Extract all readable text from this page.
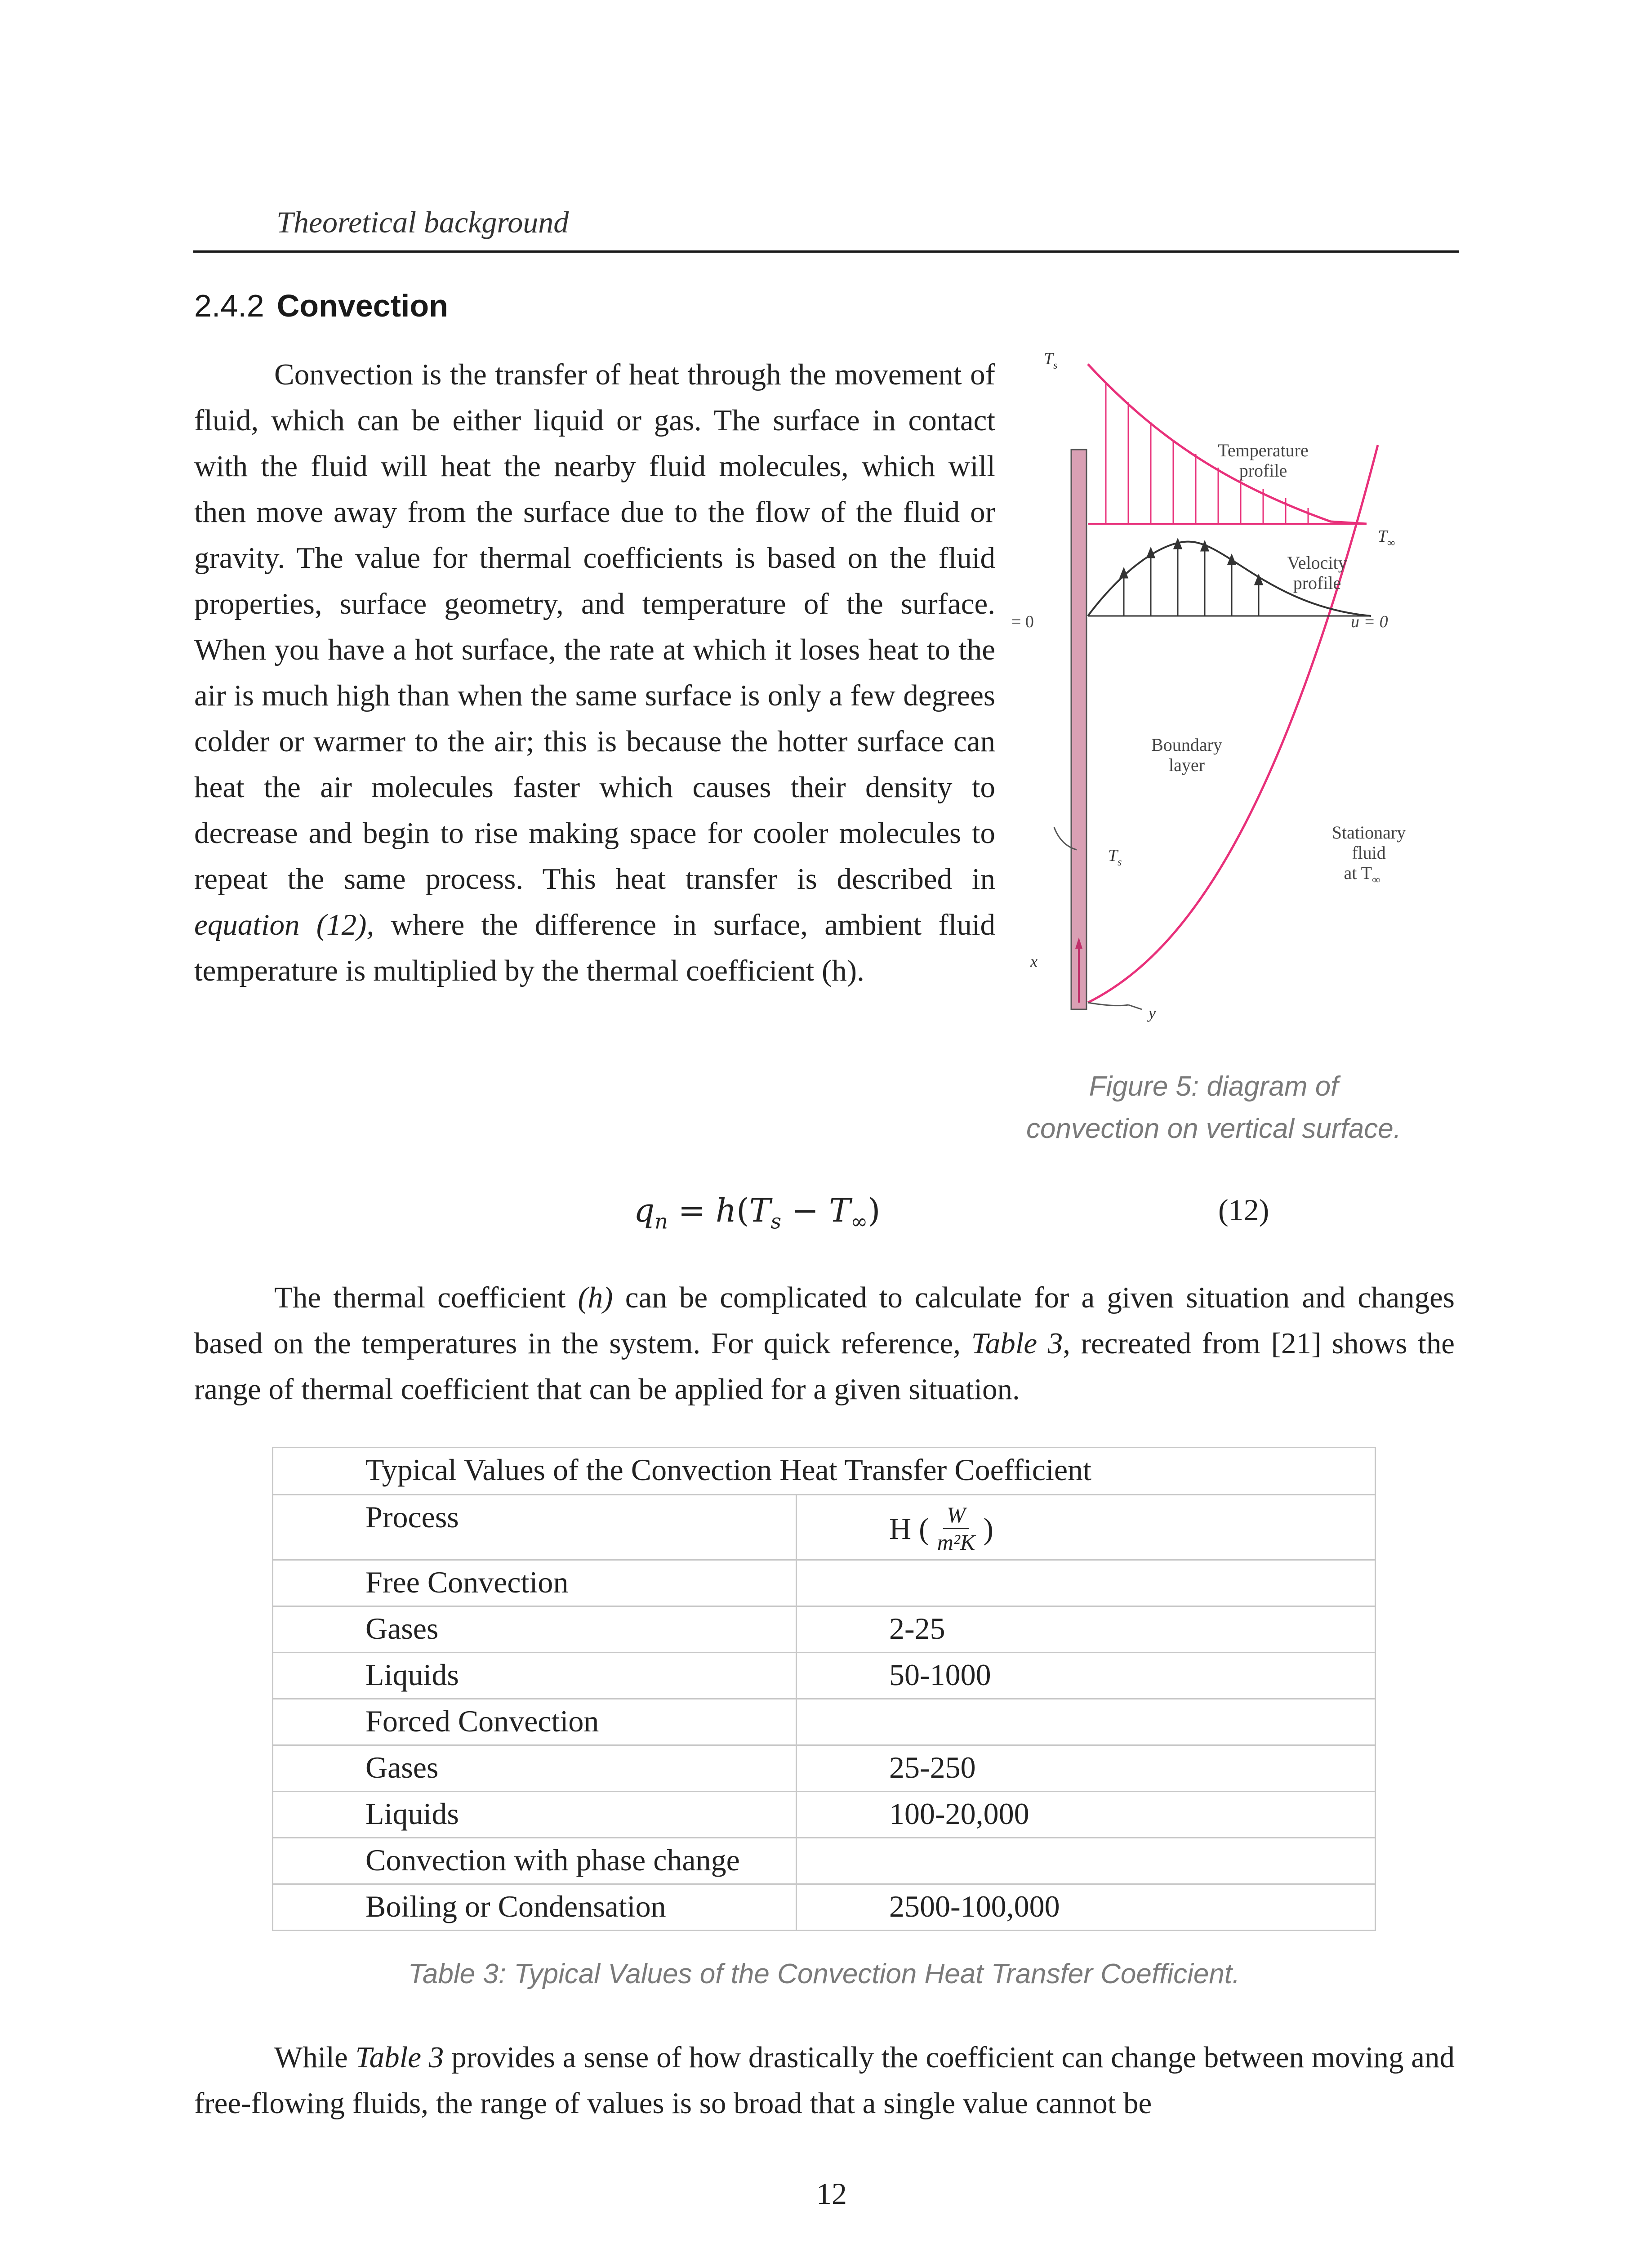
Theoretical background
2.4.2 Convection
Convection is the transfer of heat through the movement of fluid, which can be either liquid or gas. The surface in contact with the fluid will heat the nearby fluid molecules, which will then move away from the surface due to the flow of the fluid or gravity. The value for thermal coefficients is based on the fluid properties, surface geometry, and temperature of the surface. When you have a hot surface, the rate at which it loses heat to the air is much high than when the same surface is only a few degrees colder or warmer to the air; this is because the hotter surface can heat the air molecules faster which causes their density to decrease and begin to rise making space for cooler molecules to repeat the same process. This heat transfer is described in equation (12), where the difference in surface, ambient fluid temperature is multiplied by the thermal coefficient (h).
$T_s$
Temperature
profile
$T_\infty$
Velocity
profile
= 0	u = 0
Boundary
layer
Stationary
fluid
at $T_\infty$
$T_s$
x
y
Figure 5: diagram of
convection on vertical surface.
$q_n = h(T_s - T_\infty)$	(12)
The thermal coefficient (h) can be complicated to calculate for a given situation and changes based on the temperatures in the system. For quick reference, Table 3, recreated from [21] shows the range of thermal coefficient that can be applied for a given situation.
Typical Values of the Convection Heat Transfer Coefficient	
Process	H ( $\frac{W}{\text{m²K}}$ )

Free Convection	
Gases	2-25
Liquids	50-1000
Forced Convection	
Gases	25-250
Liquids	100-20,000
Convection with phase change	
Boiling or Condensation	2500-100,000
Table 3: Typical Values of the Convection Heat Transfer Coefficient.
While Table 3 provides a sense of how drastically the coefficient can change between moving and free-flowing fluids, the range of values is so broad that a single value cannot be
12
